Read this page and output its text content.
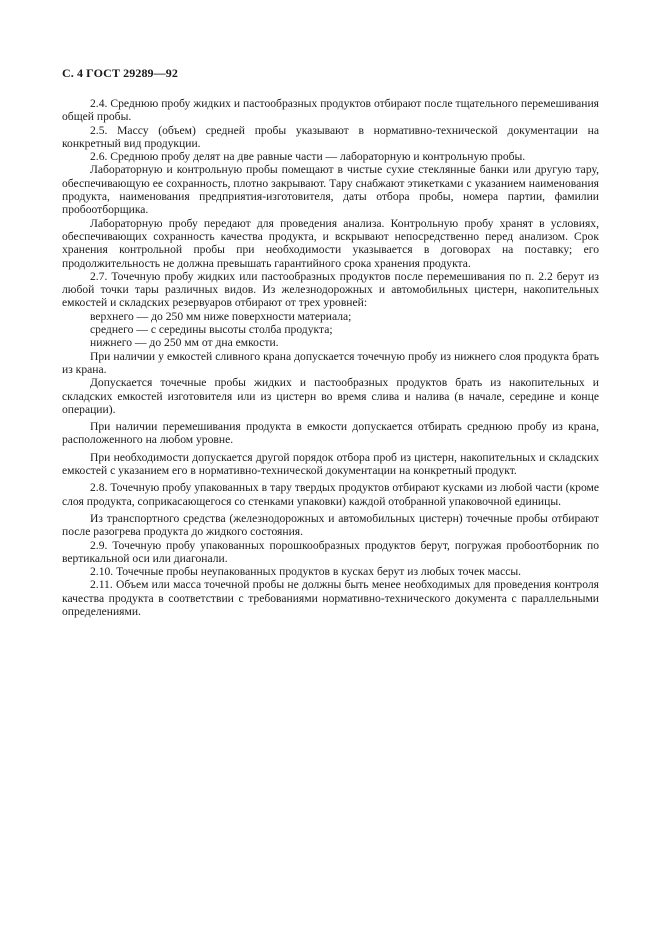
С. 4 ГОСТ 29289—92

2.4. Среднюю пробу жидких и пастообразных продуктов отбирают после тщательного перемешивания общей пробы.

2.5. Массу (объем) средней пробы указывают в нормативно-технической документации на конкретный вид продукции.

2.6. Среднюю пробу делят на две равные части — лабораторную и контрольную пробы.

Лабораторную и контрольную пробы помещают в чистые сухие стеклянные банки или другую тару, обеспечивающую ее сохранность, плотно закрывают. Тару снабжают этикетками с указанием наименования продукта, наименования предприятия-изготовителя, даты отбора пробы, номера партии, фамилии пробоотборщика.

Лабораторную пробу передают для проведения анализа. Контрольную пробу хранят в условиях, обеспечивающих сохранность качества продукта, и вскрывают непосредственно перед анализом. Срок хранения контрольной пробы при необходимости указывается в договорах на поставку; его продолжительность не должна превышать гарантийного срока хранения продукта.

2.7. Точечную пробу жидких или пастообразных продуктов после перемешивания по п. 2.2 берут из любой точки тары различных видов. Из железнодорожных и автомобильных цистерн, накопительных емкостей и складских резервуаров отбирают от трех уровней:

верхнего — до 250 мм ниже поверхности материала;

среднего — с середины высоты столба продукта;

нижнего — до 250 мм от дна емкости.

При наличии у емкостей сливного крана допускается точечную пробу из нижнего слоя продукта брать из крана.

Допускается точечные пробы жидких и пастообразных продуктов брать из накопительных и складских емкостей изготовителя или из цистерн во время слива и налива (в начале, середине и конце операции).

При наличии перемешивания продукта в емкости допускается отбирать среднюю пробу из крана, расположенного на любом уровне.

При необходимости допускается другой порядок отбора проб из цистерн, накопительных и складских емкостей с указанием его в нормативно-технической документации на конкретный продукт.

2.8. Точечную пробу упакованных в тару твердых продуктов отбирают кусками из любой части (кроме слоя продукта, соприкасающегося со стенками упаковки) каждой отобранной упаковочной единицы.

Из транспортного средства (железнодорожных и автомобильных цистерн) точечные пробы отбирают после разогрева продукта до жидкого состояния.

2.9. Точечную пробу упакованных порошкообразных продуктов берут, погружая пробоотборник по вертикальной оси или диагонали.

2.10. Точечные пробы неупакованных продуктов в кусках берут из любых точек массы.

2.11. Объем или масса точечной пробы не должны быть менее необходимых для проведения контроля качества продукта в соответствии с требованиями нормативно-технического документа с параллельными определениями.
